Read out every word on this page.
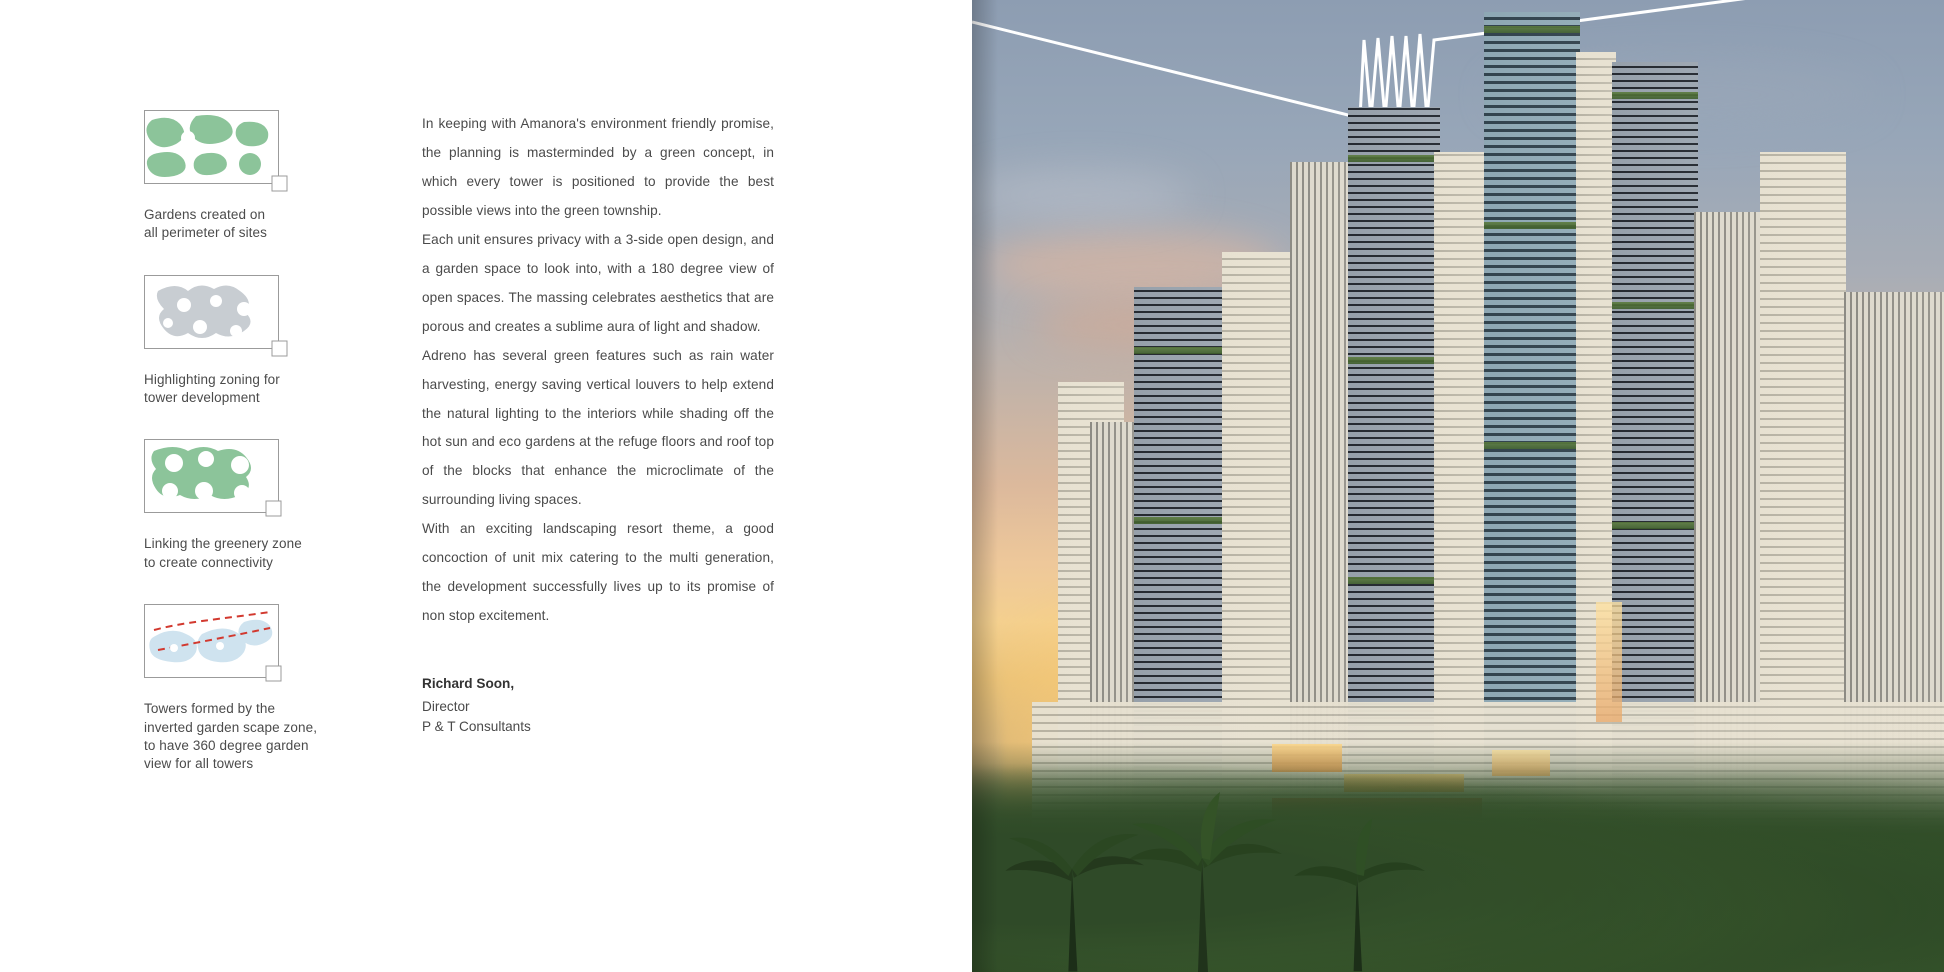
Gardens created on
all perimeter of sites
Highlighting zoning for
tower development
Linking the greenery zone
to create connectivity
Towers formed by the
inverted garden scape zone,
to have 360 degree garden
view for all towers

In keeping with Amanora's environment friendly promise, the planning is masterminded by a green concept, in which every tower is positioned to provide the best possible views into the green township.

Each unit ensures privacy with a 3-side open design, and a garden space to look into, with a 180 degree view of open spaces. The massing celebrates aesthetics that are porous and creates a sublime aura of light and shadow.

Adreno has several green features such as rain water harvesting, energy saving vertical louvers to help extend the natural lighting to the interiors while shading off the hot sun and eco gardens at the refuge floors and roof top of the blocks that enhance the microclimate of the surrounding living spaces.

With an exciting landscaping resort theme, a good concoction of unit mix catering to the multi generation, the development successfully lives up to its promise of non stop excitement.

Richard Soon,
Director
P & T Consultants
